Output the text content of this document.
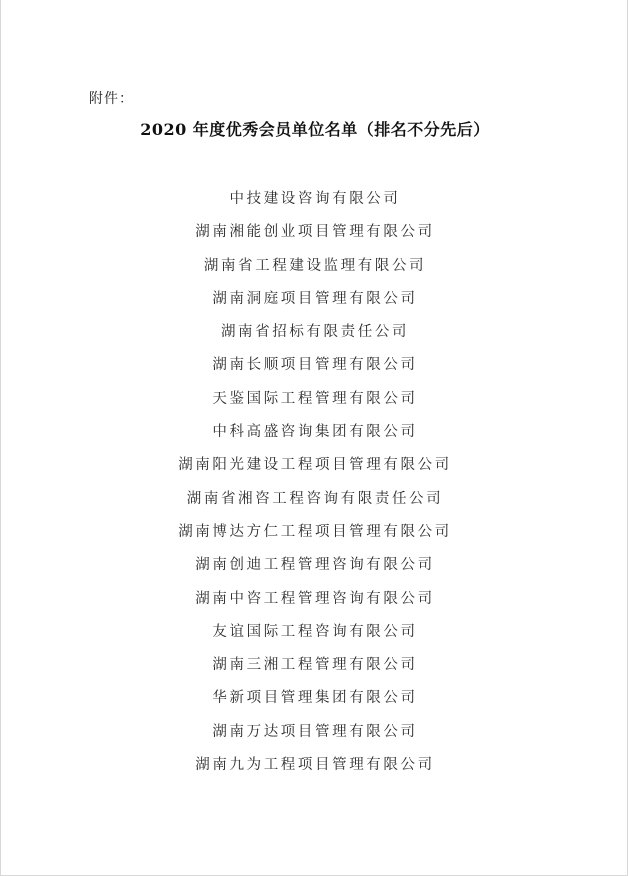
附件：
2020 年度优秀会员单位名单（排名不分先后）
中技建设咨询有限公司
湖南湘能创业项目管理有限公司
湖南省工程建设监理有限公司
湖南洞庭项目管理有限公司
湖南省招标有限责任公司
湖南长顺项目管理有限公司
天鉴国际工程管理有限公司
中科高盛咨询集团有限公司
湖南阳光建设工程项目管理有限公司
湖南省湘咨工程咨询有限责任公司
湖南博达方仁工程项目管理有限公司
湖南创迪工程管理咨询有限公司
湖南中咨工程管理咨询有限公司
友谊国际工程咨询有限公司
湖南三湘工程管理有限公司
华新项目管理集团有限公司
湖南万达项目管理有限公司
湖南九为工程项目管理有限公司
